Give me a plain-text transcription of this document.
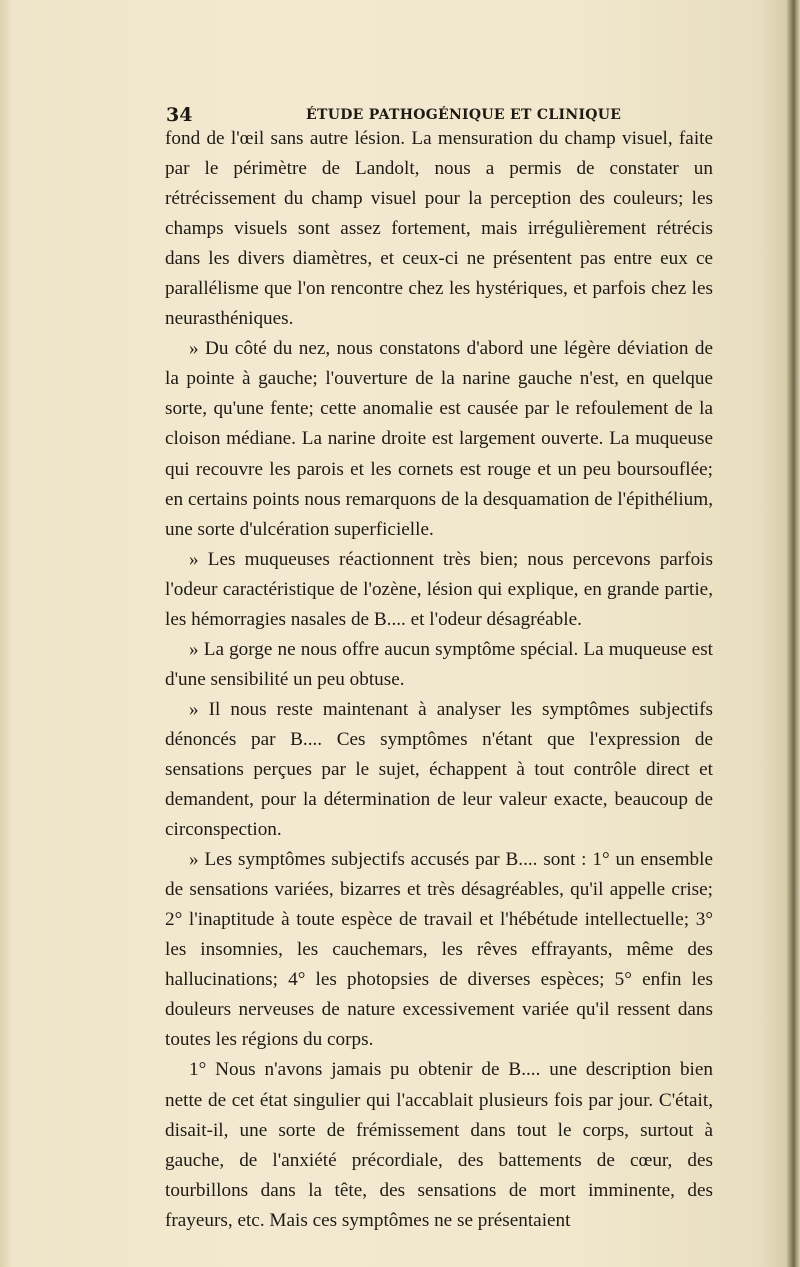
34	ÉTUDE PATHOGÉNIQUE ET CLINIQUE

fond de l'œil sans autre lésion. La mensuration du champ visuel, faite par le périmètre de Landolt, nous a permis de constater un rétrécissement du champ visuel pour la perception des couleurs; les champs visuels sont assez fortement, mais irrégulièrement rétrécis dans les divers diamètres, et ceux-ci ne présentent pas entre eux ce parallélisme que l'on rencontre chez les hystériques, et parfois chez les neurasthéniques.

» Du côté du nez, nous constatons d'abord une légère déviation de la pointe à gauche; l'ouverture de la narine gauche n'est, en quelque sorte, qu'une fente; cette anomalie est causée par le refoulement de la cloison médiane. La narine droite est largement ouverte. La muqueuse qui recouvre les parois et les cornets est rouge et un peu boursouflée; en certains points nous remarquons de la desquamation de l'épithélium, une sorte d'ulcération superficielle.

» Les muqueuses réactionnent très bien; nous percevons parfois l'odeur caractéristique de l'ozène, lésion qui explique, en grande partie, les hémorragies nasales de B.... et l'odeur désagréable.

» La gorge ne nous offre aucun symptôme spécial. La muqueuse est d'une sensibilité un peu obtuse.

» Il nous reste maintenant à analyser les symptômes subjectifs dénoncés par B.... Ces symptômes n'étant que l'expression de sensations perçues par le sujet, échappent à tout contrôle direct et demandent, pour la détermination de leur valeur exacte, beaucoup de circonspection.

» Les symptômes subjectifs accusés par B.... sont : 1° un ensemble de sensations variées, bizarres et très désagréables, qu'il appelle crise; 2° l'inaptitude à toute espèce de travail et l'hébétude intellectuelle; 3° les insomnies, les cauchemars, les rêves effrayants, même des hallucinations; 4° les photopsies de diverses espèces; 5° enfin les douleurs nerveuses de nature excessivement variée qu'il ressent dans toutes les régions du corps.

1° Nous n'avons jamais pu obtenir de B.... une description bien nette de cet état singulier qui l'accablait plusieurs fois par jour. C'était, disait-il, une sorte de frémissement dans tout le corps, surtout à gauche, de l'anxiété précordiale, des battements de cœur, des tourbillons dans la tête, des sensations de mort imminente, des frayeurs, etc. Mais ces symptômes ne se présentaient
